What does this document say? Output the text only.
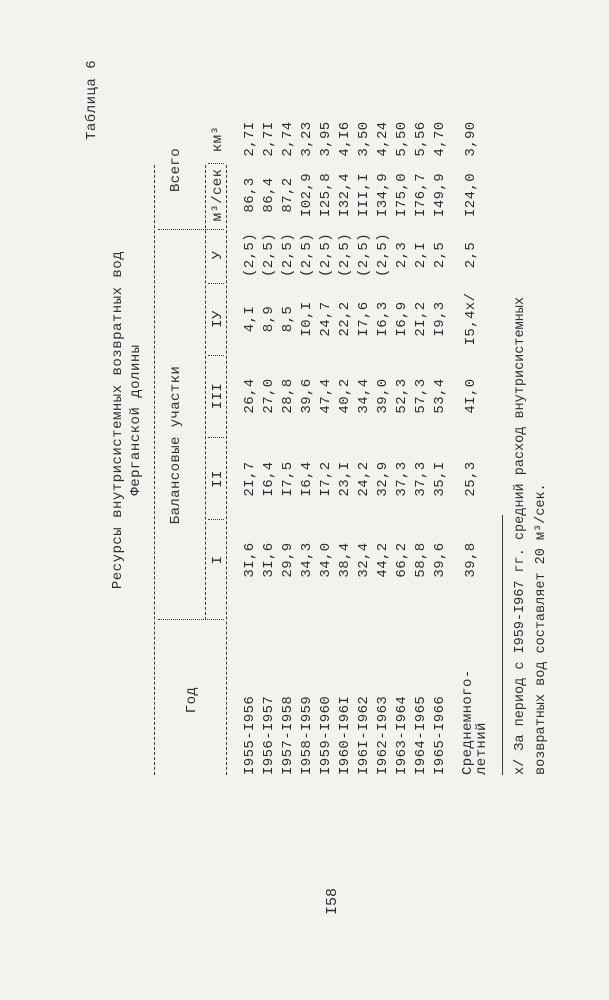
Таблица 6
Ресурсы внутрисистемных возвратных вод Ферганской долины	х/ За период с I959-I967 гг. средний расход внутрисистемных возвратных вод составляет 20 м³/сек.
I58
Год
Балансовые участки
Всего
I
II
III
IУ
У
м³/сек
км³
I955-I956
3I,6
2I,7
26,4
4,I
(2,5)
86,3
2,7I
I956-I957
3I,6
I6,4
27,0
8,9
(2,5)
86,4
2,7I
I957-I958
29,9
I7,5
28,8
8,5
(2,5)
87,2
2,74
I958-I959
34,3
I6,4
39,6
I0,I
(2,5)
I02,9
3,23
I959-I960
34,0
I7,2
47,4
24,7
(2,5)
I25,8
3,95
I960-I96I
38,4
23,I
40,2
22,2
(2,5)
I32,4
4,I6
I96I-I962
32,4
24,2
34,4
I7,6
(2,5)
III,I
3,50
I962-I963
44,2
32,9
39,0
I6,3
(2,5)
I34,9
4,24
I963-I964
66,2
37,3
52,3
I6,9
2,3
I75,0
5,50
I964-I965
58,8
37,3
57,3
2I,2
2,I
I76,7
5,56
I965-I966
39,6
35,I
53,4
I9,3
2,5
I49,9
4,70
Среднемного-
летний
39,8
25,3
4I,0
I5,4х/
2,5
I24,0
3,90
